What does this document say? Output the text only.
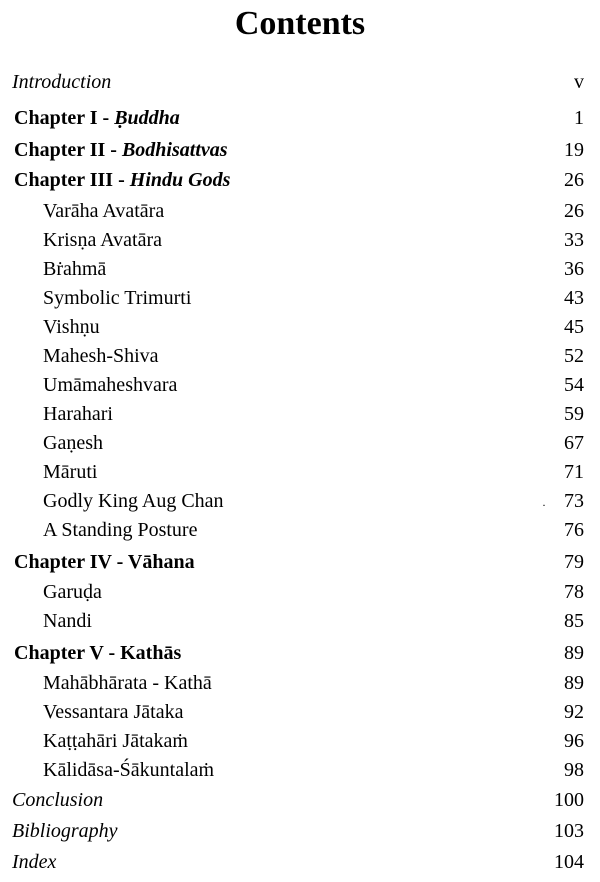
Contents
Introduction	v
Chapter I - Ḅuddha	1
Chapter II - Bodhisattvas	19
Chapter III - Hindu Gods	26
Varāha Avatāra	26
Krisṇa Avatāra	33
Bṙahmā	36
Symbolic Trimurti	43
Vishṇu	45
Mahesh-Shiva	52
Umāmaheshvara	54
Harahari	59
Gaṇesh	67
Māruti	71
Godly King Aug Chan	73
A Standing Posture	76
Chapter IV - Vāhana	79
Garuḍa	78
Nandi	85
Chapter V - Kathās	89
Mahābhārata - Kathā	89
Vessantara Jātaka	92
Kaṭṭahāri Jātakaṁ	96
Kālidāsa-Śākuntalaṁ	98
Conclusion	100
Bibliography	103
Index	104
·
